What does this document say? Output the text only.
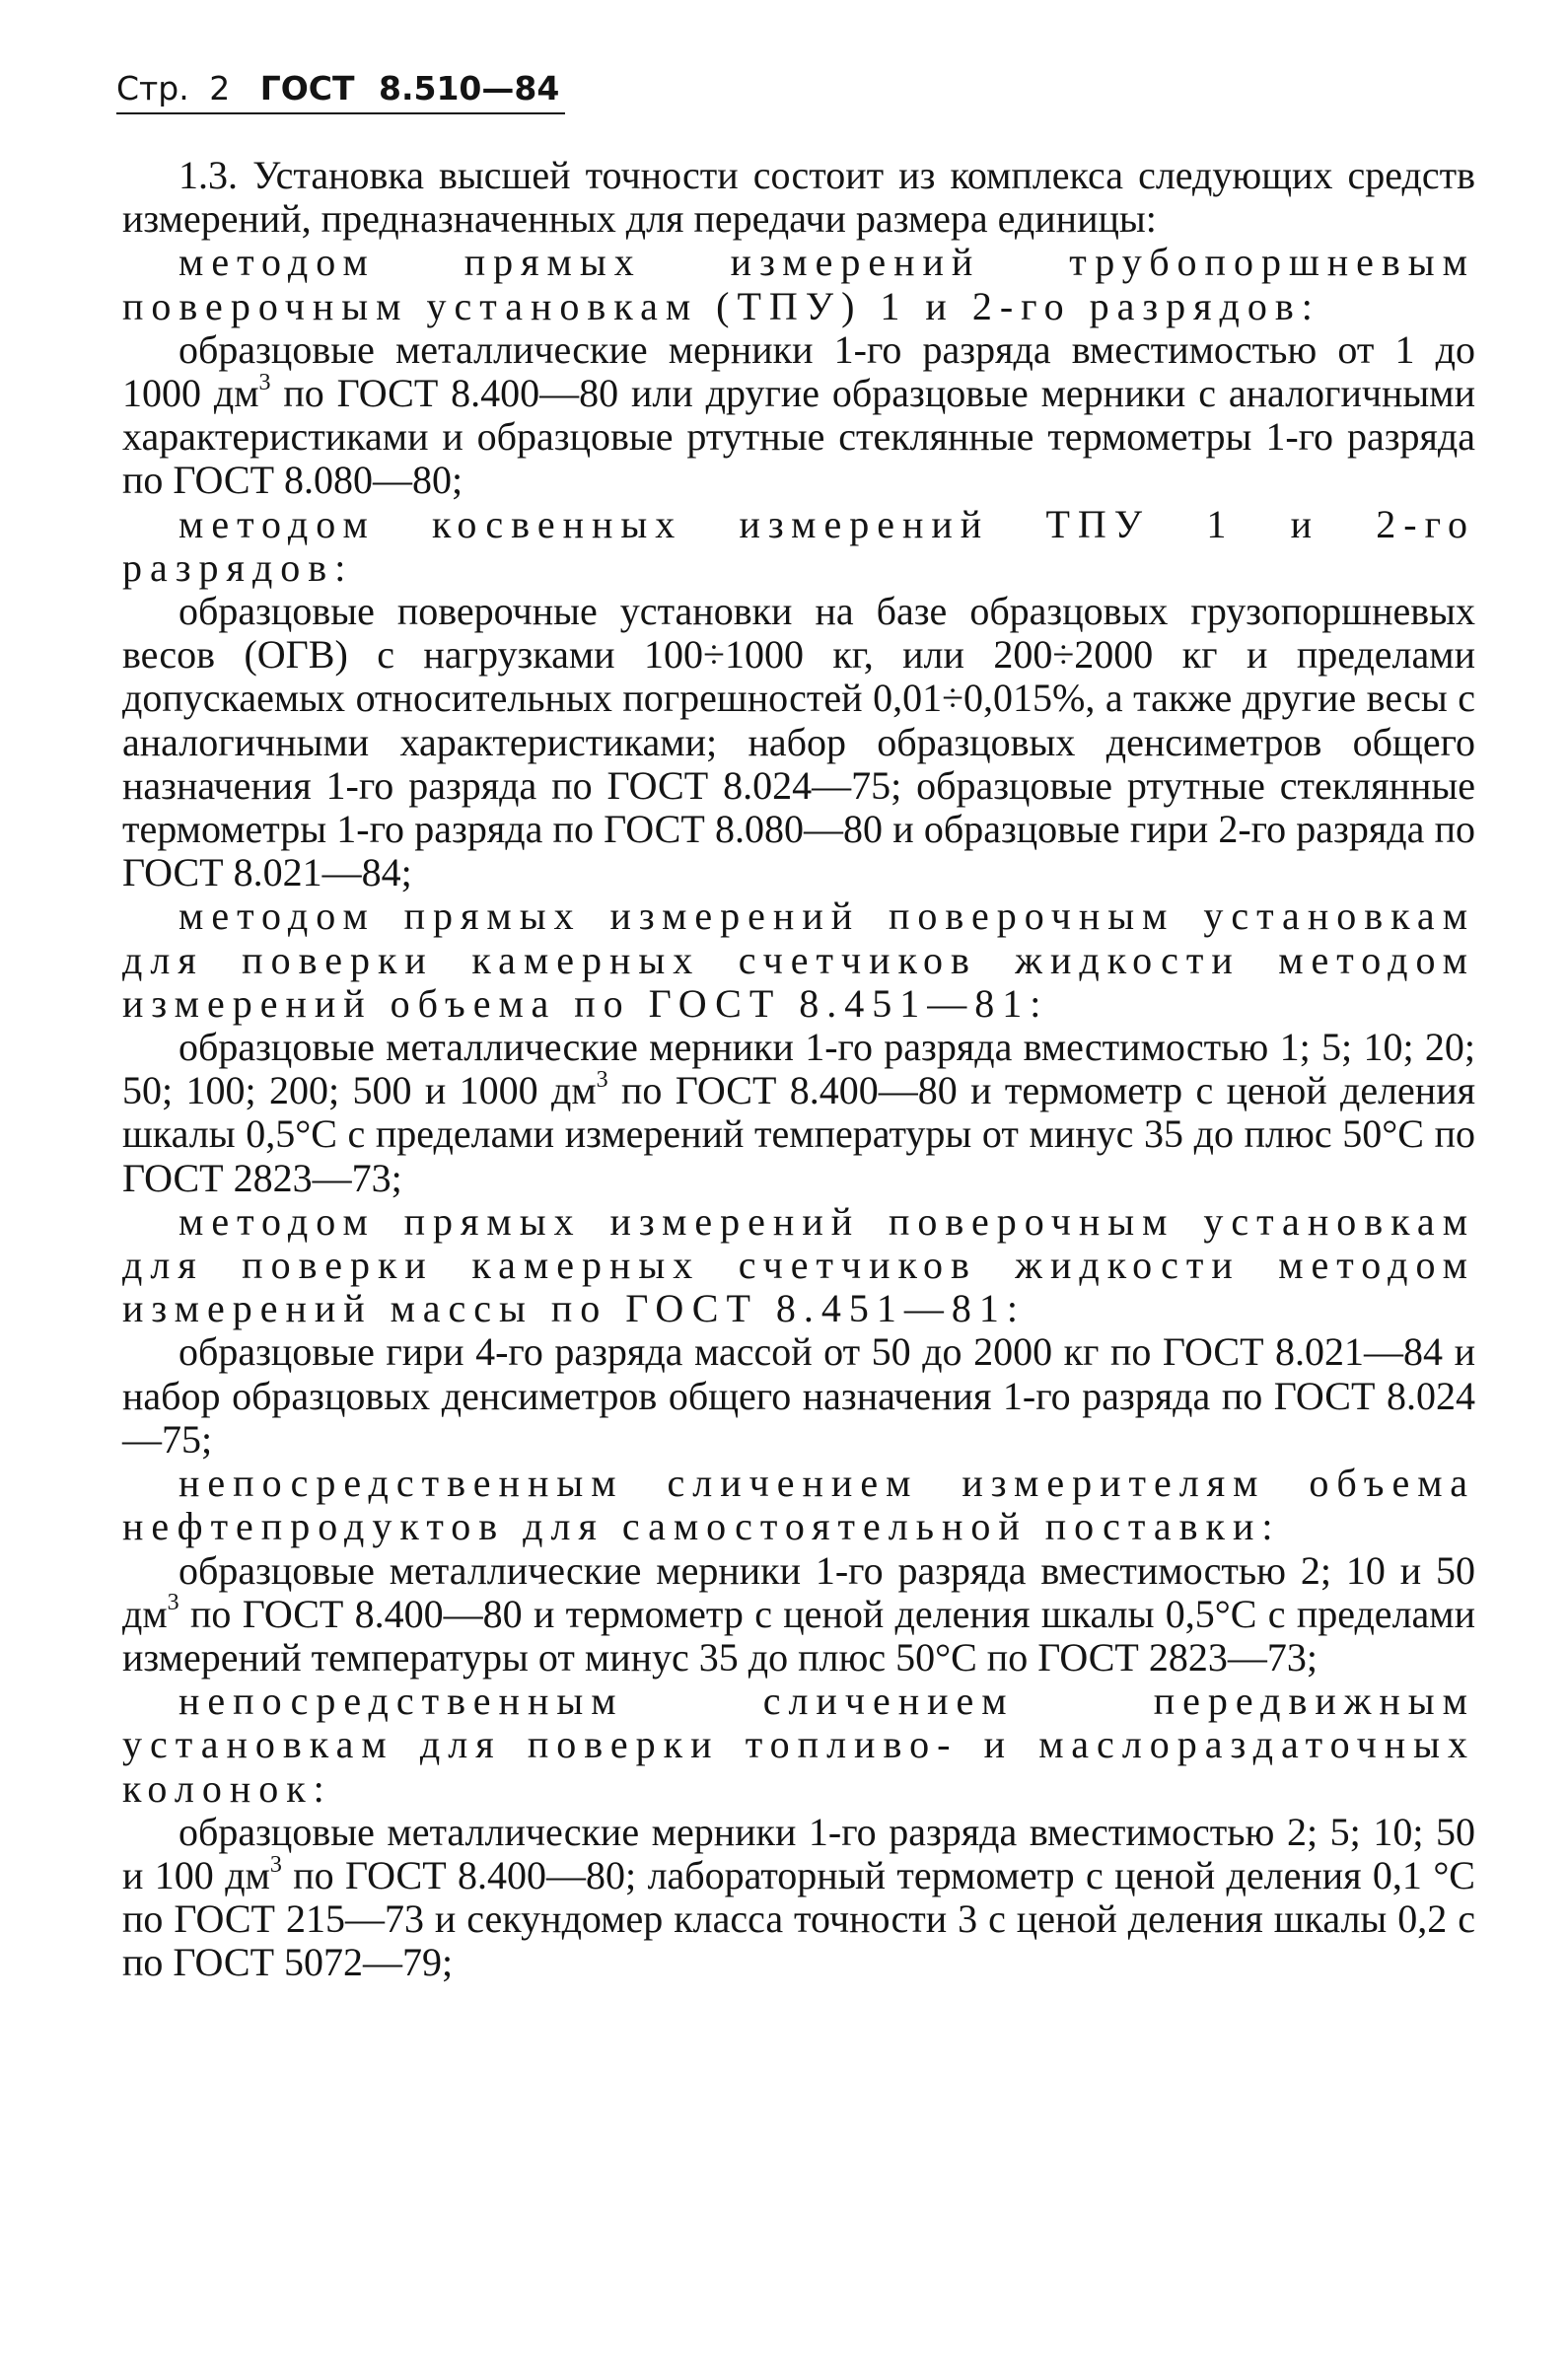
Стр. 2 ГОСТ 8.510—84

1.3. Установка высшей точности состоит из комплекса следующих средств измерений, предназначенных для передачи размера единицы:

методом прямых измерений трубопоршневым поверочным установкам (ТПУ) 1 и 2-го разрядов:

образцовые металлические мерники 1-го разряда вместимостью от 1 до 1000 $дм^3$ по ГОСТ 8.400—80 или другие образцовые мерники с аналогичными характеристиками и образцовые ртутные стеклянные термометры 1-го разряда по ГОСТ 8.080—80;

методом косвенных измерений ТПУ 1 и 2-го разрядов:

образцовые поверочные установки на базе образцовых грузопоршневых весов (ОГВ) с нагрузками 100÷1000 кг, или 200÷2000 кг и пределами допускаемых относительных погрешностей 0,01÷0,015%, а также другие весы с аналогичными характеристиками; набор образцовых денсиметров общего назначения 1-го разряда по ГОСТ 8.024—75; образцовые ртутные стеклянные термометры 1-го разряда по ГОСТ 8.080—80 и образцовые гири 2-го разряда по ГОСТ 8.021—84;

методом прямых измерений поверочным установкам для поверки камерных счетчиков жидкости методом измерений объема по ГОСТ 8.451—81:

образцовые металлические мерники 1-го разряда вместимостью 1; 5; 10; 20; 50; 100; 200; 500 и 1000 $дм^3$ по ГОСТ 8.400—80 и термометр с ценой деления шкалы 0,5°С с пределами измерений температуры от минус 35 до плюс 50°С по ГОСТ 2823—73;

методом прямых измерений поверочным установкам для поверки камерных счетчиков жидкости методом измерений массы по ГОСТ 8.451—81:

образцовые гири 4-го разряда массой от 50 до 2000 кг по ГОСТ 8.021—84 и набор образцовых денсиметров общего назначения 1-го разряда по ГОСТ 8.024—75;

непосредственным сличением измерителям объема нефтепродуктов для самостоятельной поставки:

образцовые металлические мерники 1-го разряда вместимостью 2; 10 и 50 $дм^3$ по ГОСТ 8.400—80 и термометр с ценой деления шкалы 0,5°С с пределами измерений температуры от минус 35 до плюс 50°С по ГОСТ 2823—73;

непосредственным сличением передвижным установкам для поверки топливо- и маслораздаточных колонок:

образцовые металлические мерники 1-го разряда вместимостью 2; 5; 10; 50 и 100 $дм^3$ по ГОСТ 8.400—80; лабораторный термометр с ценой деления 0,1 °С по ГОСТ 215—73 и секундомер класса точности 3 с ценой деления шкалы 0,2 с по ГОСТ 5072—79;
